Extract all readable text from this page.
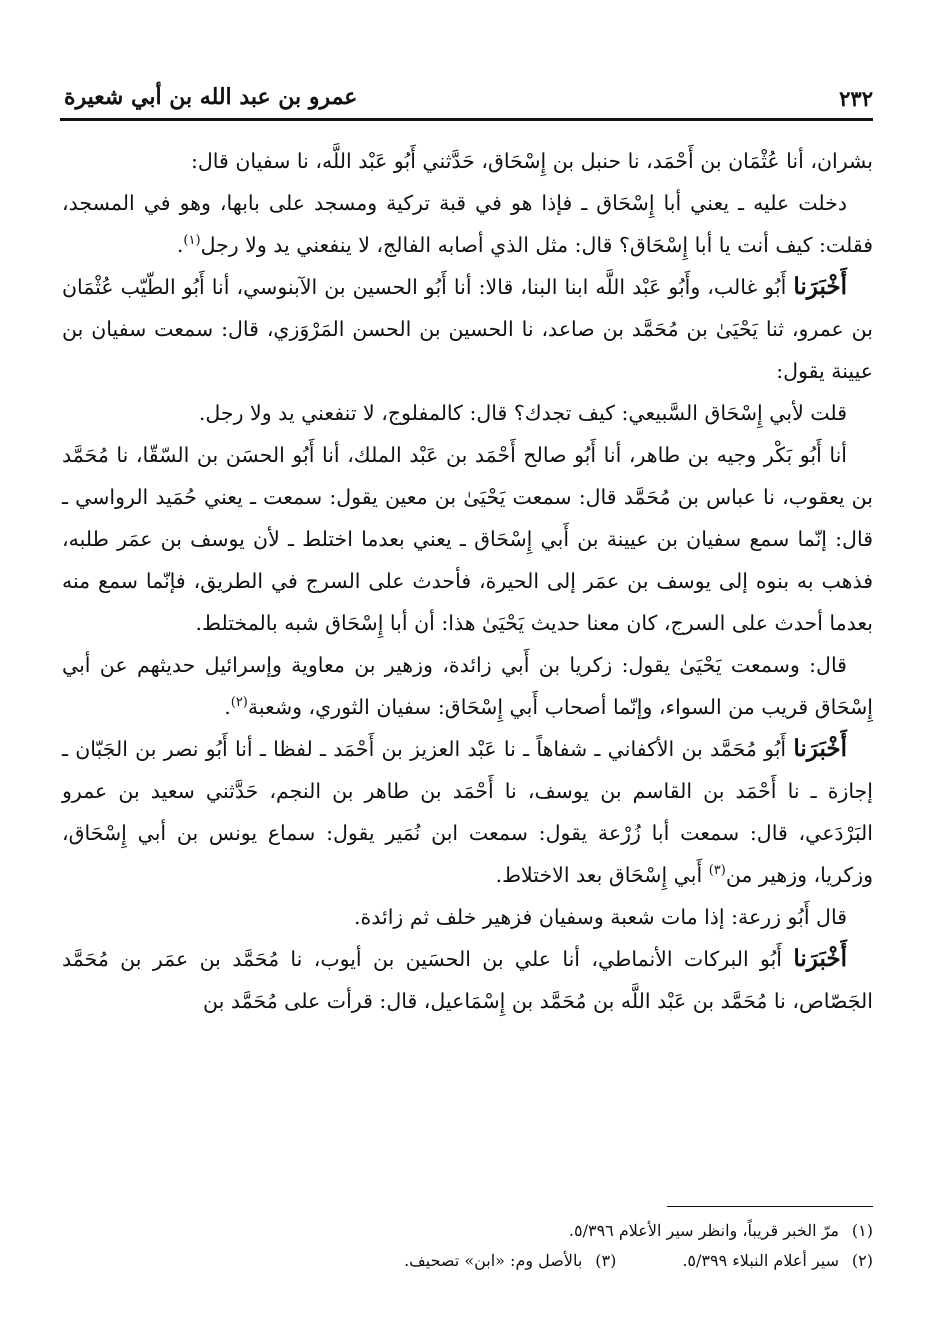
٢٣٢
عمرو بن عبد الله بن أبي شعيرة

بشران، أنا عُثْمَان بن أَحْمَد، نا حنبل بن إِسْحَاق، حَدَّثني أَبُو عَبْد اللَّه، نا سفيان قال:

دخلت عليه ـ يعني أبا إِسْحَاق ـ فإذا هو في قبة تركية ومسجد على بابها، وهو في المسجد، فقلت: كيف أنت يا أبا إِسْحَاق؟ قال: مثل الذي أصابه الفالج، لا ينفعني يد ولا رجل$^{(١)}$.

أَخْبَرَنا أَبُو غالب، وأَبُو عَبْد اللَّه ابنا البنا، قالا: أنا أَبُو الحسين بن الآبنوسي، أنا أَبُو الطّيّب عُثْمَان بن عمرو، ثنا يَحْيَىٰ بن مُحَمَّد بن صاعد، نا الحسين بن الحسن المَرْوَزي، قال: سمعت سفيان بن عيينة يقول:

قلت لأبي إِسْحَاق السَّبيعي: كيف تجدك؟ قال: كالمفلوج، لا تنفعني يد ولا رجل.

أنا أَبُو بَكْر وجيه بن طاهر، أنا أَبُو صالح أَحْمَد بن عَبْد الملك، أنا أَبُو الحسَن بن السّقّا، نا مُحَمَّد بن يعقوب، نا عباس بن مُحَمَّد قال: سمعت يَحْيَىٰ بن معين يقول: سمعت ـ يعني حُمَيد الرواسي ـ قال: إنّما سمع سفيان بن عيينة بن أَبي إِسْحَاق ـ يعني بعدما اختلط ـ لأن يوسف بن عمَر طلبه، فذهب به بنوه إلى يوسف بن عمَر إلى الحيرة، فأحدث على السرج في الطريق، فإنّما سمع منه بعدما أحدث على السرج، كان معنا حديث يَحْيَىٰ هذا: أن أبا إِسْحَاق شبه بالمختلط.

قال: وسمعت يَحْيَىٰ يقول: زكريا بن أَبي زائدة، وزهير بن معاوية وإسرائيل حديثهم عن أبي إِسْحَاق قريب من السواء، وإنّما أصحاب أَبي إِسْحَاق: سفيان الثوري، وشعبة$^{(٢)}$.

أَخْبَرَنا أَبُو مُحَمَّد بن الأكفاني ـ شفاهاً ـ نا عَبْد العزيز بن أَحْمَد ـ لفظا ـ أنا أَبُو نصر بن الجَبّان ـ إجازة ـ نا أَحْمَد بن القاسم بن يوسف، نا أَحْمَد بن طاهر بن النجم، حَدَّثني سعيد بن عمرو البَرْدَعي، قال: سمعت أبا زُرْعة يقول: سمعت ابن نُمَير يقول: سماع يونس بن أبي إِسْحَاق، وزكريا، وزهير من$^{(٣)}$ أَبي إِسْحَاق بعد الاختلاط.

قال أَبُو زرعة: إذا مات شعبة وسفيان فزهير خلف ثم زائدة.

أَخْبَرَنا أَبُو البركات الأنماطي، أنا علي بن الحسَين بن أيوب، نا مُحَمَّد بن عمَر بن مُحَمَّد الجَصّاص، نا مُحَمَّد بن عَبْد اللَّه بن مُحَمَّد بن إِسْمَاعيل، قال: قرأت على مُحَمَّد بن

(١)
مرّ الخبر قريباً، وانظر سير الأعلام ٥/٣٩٦.
(٢)
سير أعلام النبلاء ٥/٣٩٩.
(٣)
بالأصل وم: «ابن» تصحيف.
